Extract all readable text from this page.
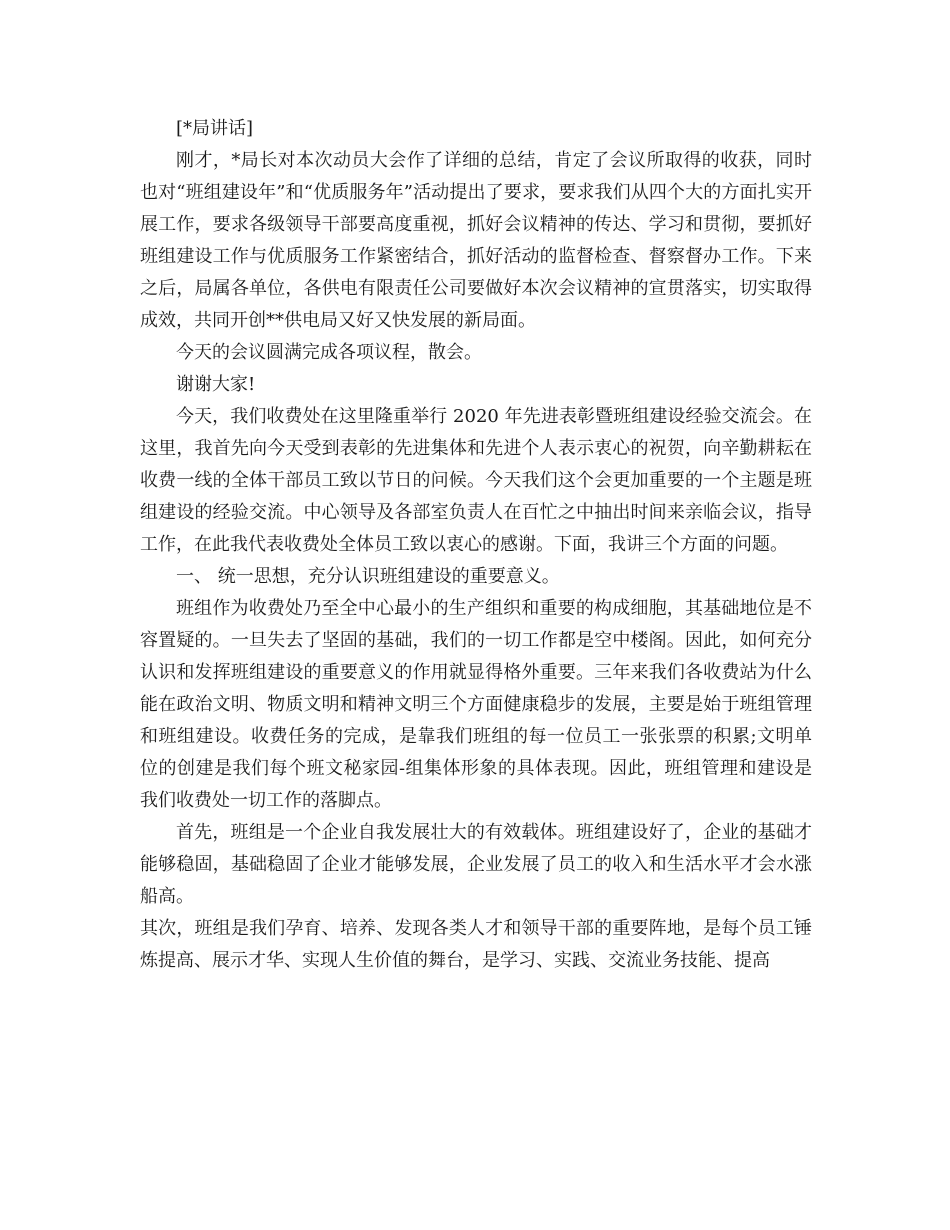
[*局讲话]

刚才，*局长对本次动员大会作了详细的总结，肯定了会议所取得的收获，同时也对“班组建设年”和“优质服务年”活动提出了要求，要求我们从四个大的方面扎实开展工作，要求各级领导干部要高度重视，抓好会议精神的传达、学习和贯彻，要抓好班组建设工作与优质服务工作紧密结合，抓好活动的监督检查、督察督办工作。下来之后，局属各单位，各供电有限责任公司要做好本次会议精神的宣贯落实，切实取得成效，共同开创**供电局又好又快发展的新局面。

今天的会议圆满完成各项议程，散会。

谢谢大家!

今天，我们收费处在这里隆重举行 2020 年先进表彰暨班组建设经验交流会。在这里，我首先向今天受到表彰的先进集体和先进个人表示衷心的祝贺，向辛勤耕耘在收费一线的全体干部员工致以节日的问候。今天我们这个会更加重要的一个主题是班组建设的经验交流。中心领导及各部室负责人在百忙之中抽出时间来亲临会议，指导工作，在此我代表收费处全体员工致以衷心的感谢。下面，我讲三个方面的问题。

一、 统一思想，充分认识班组建设的重要意义。

班组作为收费处乃至全中心最小的生产组织和重要的构成细胞，其基础地位是不容置疑的。一旦失去了坚固的基础，我们的一切工作都是空中楼阁。因此，如何充分认识和发挥班组建设的重要意义的作用就显得格外重要。三年来我们各收费站为什么能在政治文明、物质文明和精神文明三个方面健康稳步的发展，主要是始于班组管理和班组建设。收费任务的完成，是靠我们班组的每一位员工一张张票的积累;文明单位的创建是我们每个班文秘家园-组集体形象的具体表现。因此，班组管理和建设是我们收费处一切工作的落脚点。

首先，班组是一个企业自我发展壮大的有效载体。班组建设好了，企业的基础才能够稳固，基础稳固了企业才能够发展，企业发展了员工的收入和生活水平才会水涨船高。

其次，班组是我们孕育、培养、发现各类人才和领导干部的重要阵地，是每个员工锤炼提高、展示才华、实现人生价值的舞台，是学习、实践、交流业务技能、提高
